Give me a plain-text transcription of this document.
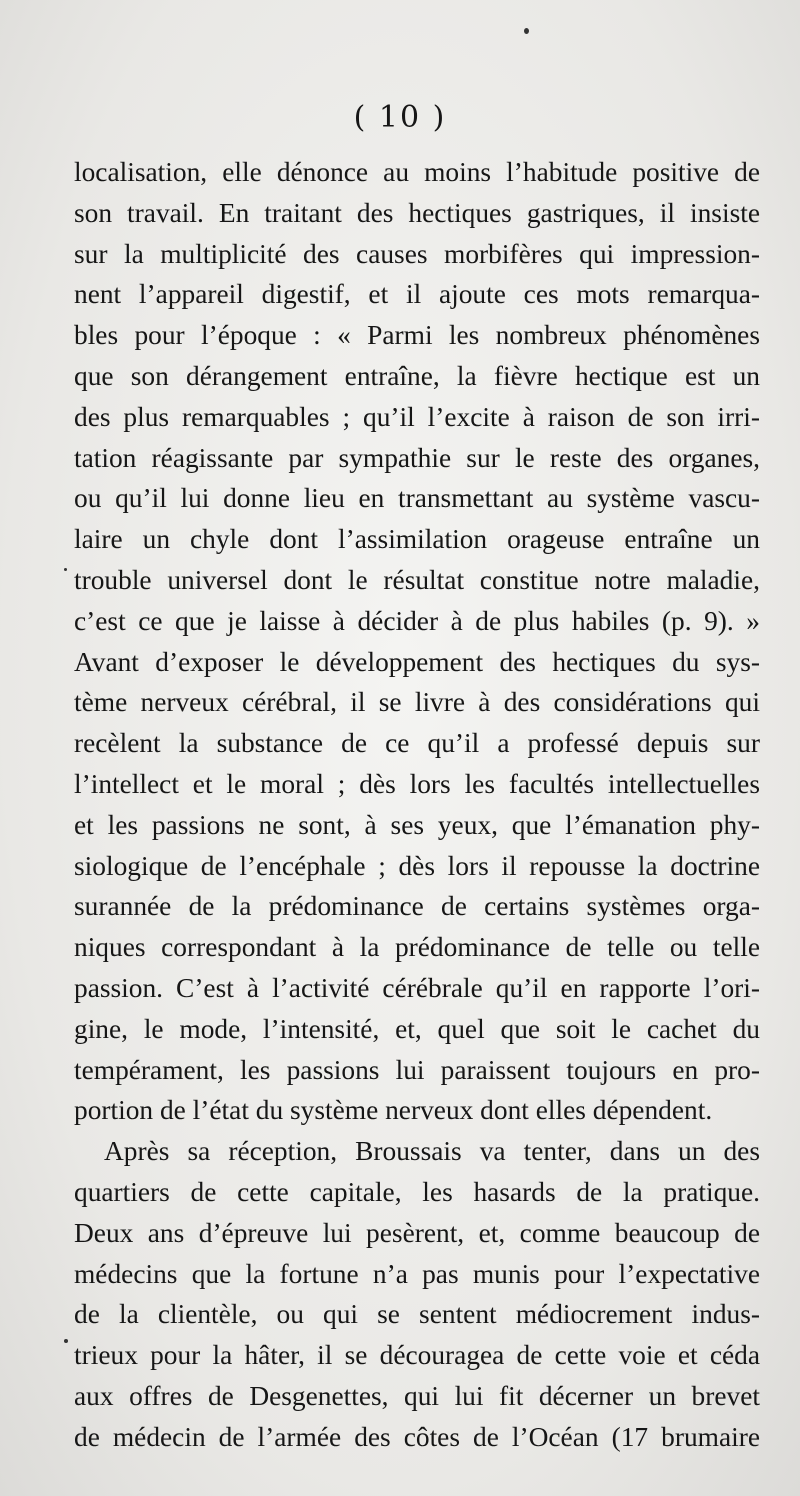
( 10 )
localisation, elle dénonce au moins l’habitude positive de
son travail. En traitant des hectiques gastriques, il insiste
sur la multiplicité des causes morbifères qui impression-
nent l’appareil digestif, et il ajoute ces mots remarqua-
bles pour l’époque : « Parmi les nombreux phénomènes
que son dérangement entraîne, la fièvre hectique est un
des plus remarquables ; qu’il l’excite à raison de son irri-
tation réagissante par sympathie sur le reste des organes,
ou qu’il lui donne lieu en transmettant au système vascu-
laire un chyle dont l’assimilation orageuse entraîne un
trouble universel dont le résultat constitue notre maladie,
c’est ce que je laisse à décider à de plus habiles (p. 9). »
Avant d’exposer le développement des hectiques du sys-
tème nerveux cérébral, il se livre à des considérations qui
recèlent la substance de ce qu’il a professé depuis sur
l’intellect et le moral ; dès lors les facultés intellectuelles
et les passions ne sont, à ses yeux, que l’émanation phy-
siologique de l’encéphale ; dès lors il repousse la doctrine
surannée de la prédominance de certains systèmes orga-
niques correspondant à la prédominance de telle ou telle
passion. C’est à l’activité cérébrale qu’il en rapporte l’ori-
gine, le mode, l’intensité, et, quel que soit le cachet du
tempérament, les passions lui paraissent toujours en pro-
portion de l’état du système nerveux dont elles dépendent.
Après sa réception, Broussais va tenter, dans un des
quartiers de cette capitale, les hasards de la pratique.
Deux ans d’épreuve lui pesèrent, et, comme beaucoup de
médecins que la fortune n’a pas munis pour l’expectative
de la clientèle, ou qui se sentent médiocrement indus-
trieux pour la hâter, il se découragea de cette voie et céda
aux offres de Desgenettes, qui lui fit décerner un brevet
de médecin de l’armée des côtes de l’Océan (17 brumaire
